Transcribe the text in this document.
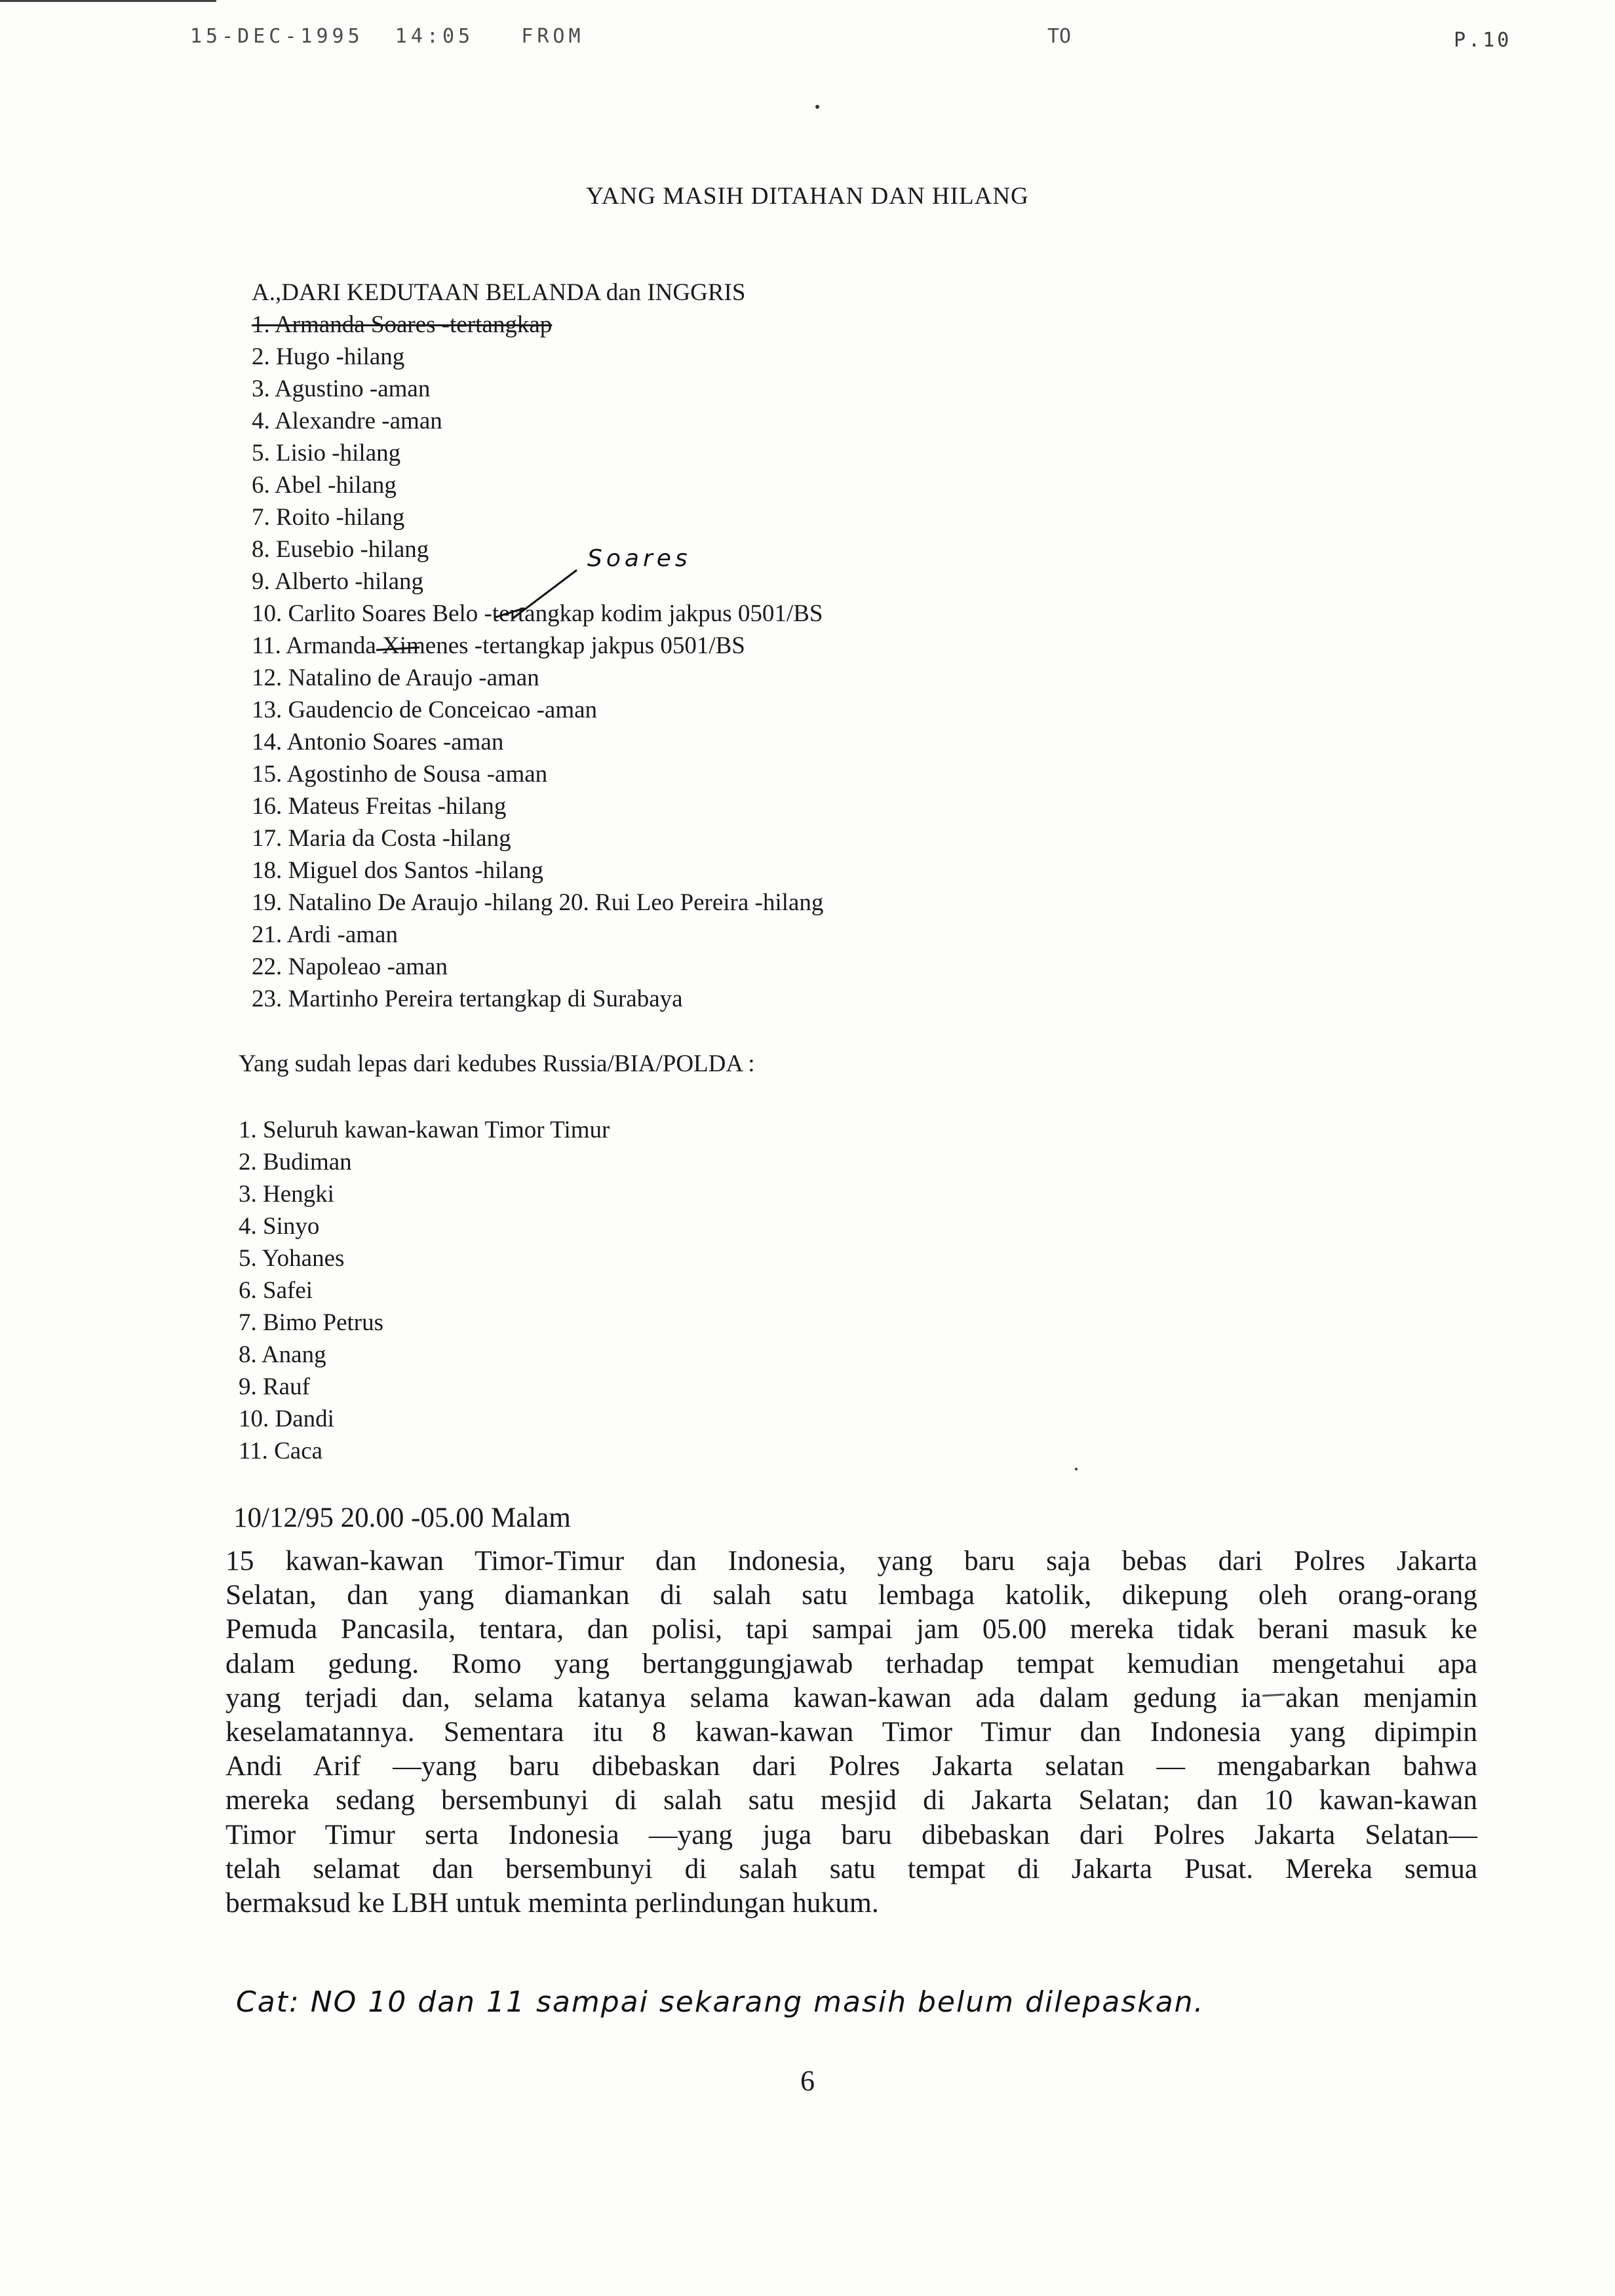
15-DEC-1995  14:05   FROM	TO	P.10
YANG MASIH DITAHAN DAN HILANG
A.,DARI KEDUTAAN BELANDA dan INGGRIS
1. Armanda Soares -tertangkap
2. Hugo -hilang
3. Agustino -aman
4. Alexandre -aman
5. Lisio -hilang
6. Abel -hilang
7. Roito -hilang
8. Eusebio -hilang
9. Alberto -hilang
10. Carlito Soares Belo -tertangkap kodim jakpus 0501/BS
11. Armanda Ximenes -tertangkap jakpus 0501/BS
12. Natalino de Araujo -aman
13. Gaudencio de Conceicao -aman
14. Antonio Soares -aman
15. Agostinho de Sousa -aman
16. Mateus Freitas -hilang
17. Maria da Costa -hilang
18. Miguel dos Santos -hilang
19. Natalino De Araujo -hilang 20. Rui Leo Pereira -hilang
21. Ardi -aman
22. Napoleao -aman
23. Martinho Pereira tertangkap di Surabaya
Soares
Yang sudah lepas dari kedubes Russia/BIA/POLDA :
1. Seluruh kawan-kawan Timor Timur
2. Budiman
3. Hengki
4. Sinyo
5. Yohanes
6. Safei
7. Bimo Petrus
8. Anang
9. Rauf
10. Dandi
11. Caca
10/12/95 20.00 -05.00 Malam
15 kawan-kawan Timor-Timur dan Indonesia, yang baru saja bebas dari Polres Jakarta
Selatan, dan yang diamankan di salah satu lembaga katolik, dikepung oleh orang-orang
Pemuda Pancasila, tentara, dan polisi, tapi sampai jam 05.00 mereka tidak berani masuk ke
dalam gedung. Romo yang bertanggungjawab terhadap tempat kemudian mengetahui apa
yang terjadi dan, selama katanya selama kawan-kawan ada dalam gedung ia akan menjamin
keselamatannya. Sementara itu 8 kawan-kawan Timor Timur dan Indonesia yang dipimpin
Andi Arif —yang baru dibebaskan dari Polres Jakarta selatan — mengabarkan bahwa
mereka sedang bersembunyi di salah satu mesjid di Jakarta Selatan; dan 10 kawan-kawan
Timor Timur serta Indonesia —yang juga baru dibebaskan dari Polres Jakarta Selatan—
telah selamat dan bersembunyi di salah satu tempat di Jakarta Pusat. Mereka semua
bermaksud ke LBH untuk meminta perlindungan hukum.
Cat: NO 10 dan 11 sampai sekarang masih belum dilepaskan.
6
